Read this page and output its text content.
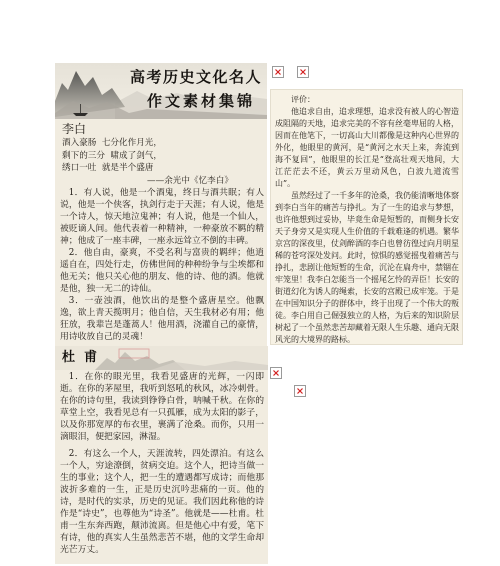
高考历史文化名人
作文素材集锦
李白
酒入豪肠  七分化作月光，
剩下的三分  啸成了剑气，
绣口一吐  就是半个盛唐
——余光中《忆李白》

1．有人说，他是一个酒鬼，终日与酒共眠；有人说，他是一个侠客，执剑行走于天涯；有人说，他是一个诗人，惊天地泣鬼神；有人说，他是一个仙人，被贬谪人间。他代表着一种精神，一种豪放不羁的精神；他成了一座丰碑，一座永远耸立不倒的丰碑。

2．他自由，豪爽，不受名利与富贵的羁绊；他逍遥自在，四处行走，仿佛世间的种种纷争与尘埃都和他无关；他只关心他的朋友、他的诗、他的酒。他就是他，独一无二的诗仙。

3．一壶浊酒，他饮出的是整个盛唐星空。他飘逸，欲上青天揽明月；他自信，天生我材必有用；他狂放，我辈岂是蓬蒿人！他用酒，浇灌自己的豪情，用诗收放自己的灵魂！

评价：

他追求自由，追求理想，追求没有被人的心智造成阻隔的天地，追求完美的不容有丝毫卑屈的人格，因而在他笔下，一切高山大川都像是这种内心世界的外化，他眼里的黄河，是“黄河之水天上来，奔流到海不复回”，他眼里的长江是“登高壮观天地间，大江茫茫去不还，黄云万里动风色，白波九道流雪山”。

虽然经过了一千多年的沧桑，我仍能清晰地体察到李白当年的痛苦与挣扎。为了一生的追求与梦想，也许他想到过妥协，毕竟生命是短暂的，而侧身长安天子身旁又是实现人生价值的千载难逢的机遇。繁华京宫的深夜里，仗剑醉酒的李白也曾彷徨过向月明星稀的苍穹深处发问。此时，惊惧的感觉摇曳着痛苦与挣扎，悲剧让他短暂的生命，沉沦在扁舟中，禁锢在牢笼里！我李白怎能当一个摇尾乞怜的弄臣！长安的街道幻化为诱人的绳索，长安的宫殿已成牢笼。于是在中国知识分子的群体中，终于出现了一个伟大的叛徒。李白用自己倔强独立的人格，为后来的知识阶层树起了一个虽然悲苦却藏着无限人生乐趣、通向无限风光的大境界的路标。

杜  甫

1．在你的眼光里，我看见盛唐的光辉，一闪即逝。在你的茅屋里，我听到怒吼的秋风，冰冷刺骨。在你的诗句里，我读到铮铮白骨，呐喊千秋。在你的草堂上空，我看见总有一只孤雁，成为太阳的影子，以及你那宽厚的布衣里，裹满了沧桑。而你，只用一滴眼泪，便把家园，淋湿。

2．有这么一个人，天涯流转，四处漂泊。有这么一个人，穷途潦倒，贫病交迫。这个人，把诗当做一生的事业；这个人，把一生的遭遇都写成诗；而他那波折多难的一生，正是历史沉吟悲痛的一页。他的诗，是时代的实录，历史的见证。我们因此称他的诗作是“诗史”，也尊他为“诗圣”。他就是——杜甫。杜甫一生东奔西跑，颠沛流离。但是他心中有爱，笔下有诗，他的真实人生虽然悲苦不堪，他的文学生命却光芒万丈。
